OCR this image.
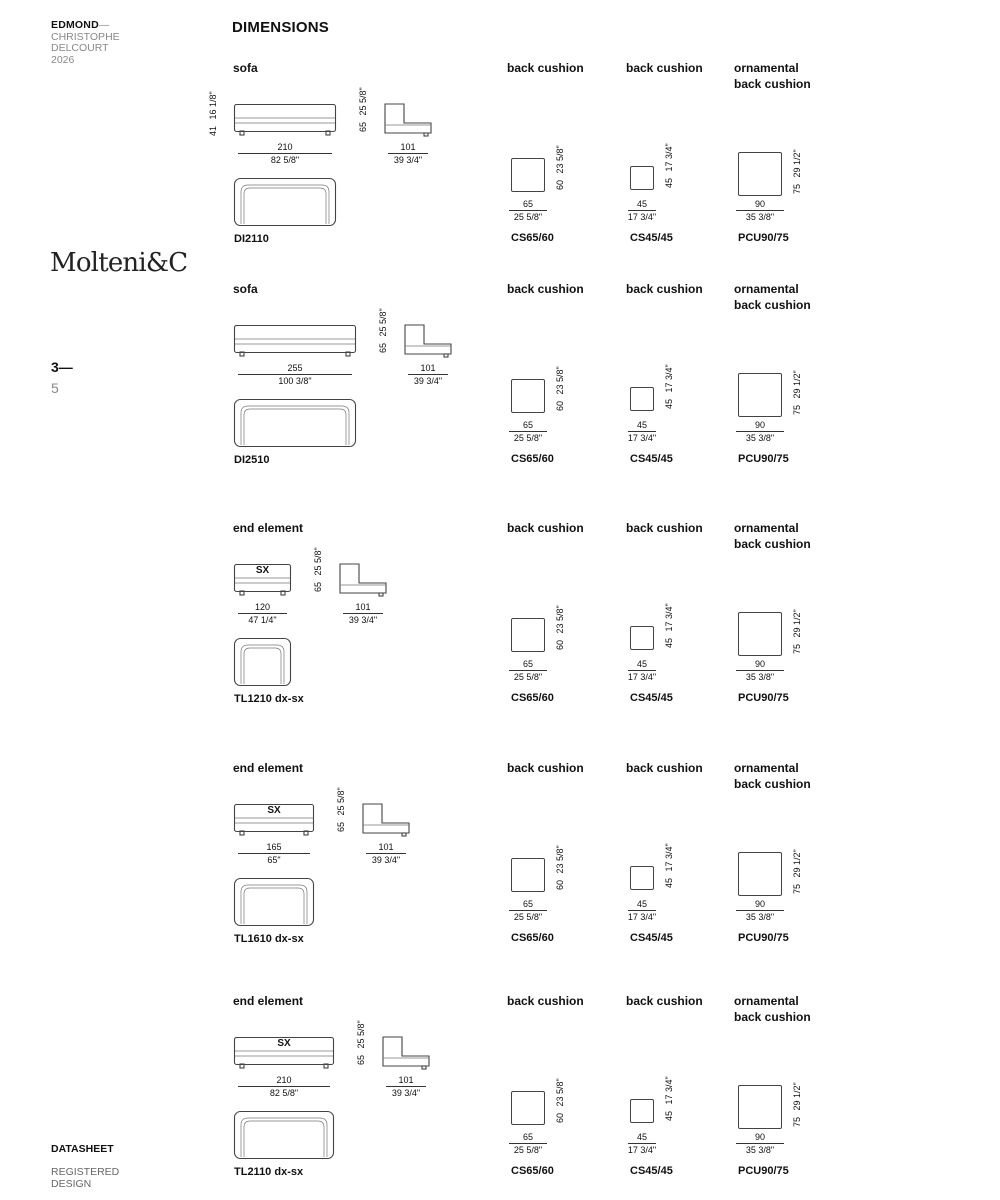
EDMOND—
CHRISTOPHE
DELCOURT
2026
Molteni&C
3—
5
DATASHEET
REGISTERED
DESIGN
DIMENSIONS
sofa
41 16 1/8"
210
82 5/8"
65 25 5/8"
101
39 3/4"
DI2110
back cushion
60 23 5/8"
65
25 5/8"
CS65/60
back cushion
45 17 3/4"
45
17 3/4"
CS45/45
ornamental
back cushion
75 29 1/2"
90
35 3/8"
PCU90/75
sofa
255
100 3/8"
65 25 5/8"
101
39 3/4"
DI2510
back cushion
60 23 5/8"
65
25 5/8"
CS65/60
back cushion
45 17 3/4"
45
17 3/4"
CS45/45
ornamental
back cushion
75 29 1/2"
90
35 3/8"
PCU90/75
end element
SX
120
47 1/4"
65 25 5/8"
101
39 3/4"
TL1210 dx-sx
back cushion
60 23 5/8"
65
25 5/8"
CS65/60
back cushion
45 17 3/4"
45
17 3/4"
CS45/45
ornamental
back cushion
75 29 1/2"
90
35 3/8"
PCU90/75
end element
SX
165
65"
65 25 5/8"
101
39 3/4"
TL1610 dx-sx
back cushion
60 23 5/8"
65
25 5/8"
CS65/60
back cushion
45 17 3/4"
45
17 3/4"
CS45/45
ornamental
back cushion
75 29 1/2"
90
35 3/8"
PCU90/75
end element
SX
210
82 5/8"
65 25 5/8"
101
39 3/4"
TL2110 dx-sx
back cushion
60 23 5/8"
65
25 5/8"
CS65/60
back cushion
45 17 3/4"
45
17 3/4"
CS45/45
ornamental
back cushion
75 29 1/2"
90
35 3/8"
PCU90/75
